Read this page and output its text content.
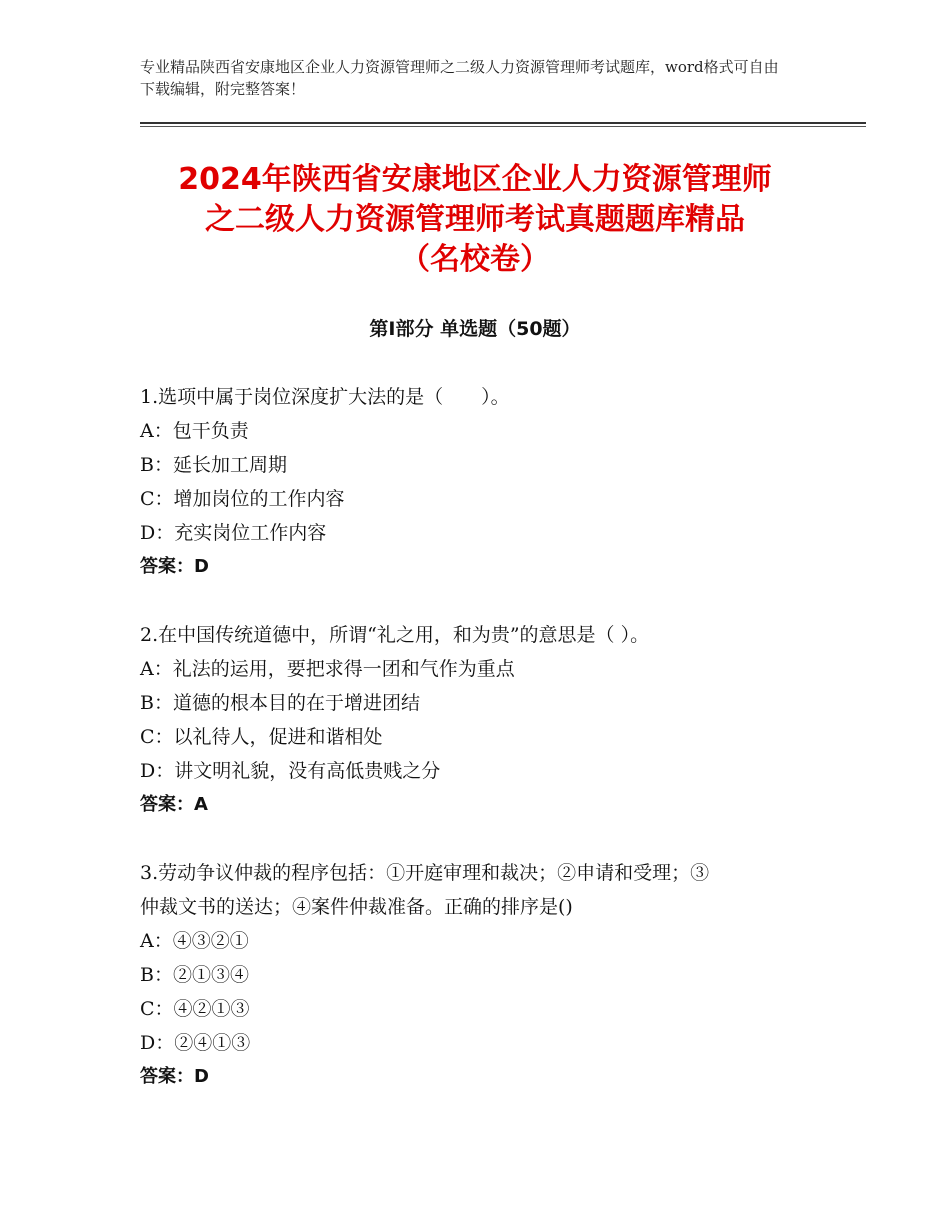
专业精品陕西省安康地区企业人力资源管理师之二级人力资源管理师考试题库，word格式可自由下载编辑，附完整答案！
2024年陕西省安康地区企业人力资源管理师
之二级人力资源管理师考试真题题库精品
（名校卷）
第Ⅰ部分 单选题（50题）

1.选项中属于岗位深度扩大法的是（　　）。

A：包干负责

B：延长加工周期

C：增加岗位的工作内容

D：充实岗位工作内容

答案：D

2.在中国传统道德中，所谓“礼之用，和为贵”的意思是（ ）。

A：礼法的运用，要把求得一团和气作为重点

B：道德的根本目的在于增进团结

C：以礼待人，促进和谐相处

D：讲文明礼貌，没有高低贵贱之分

答案：A

3.劳动争议仲裁的程序包括：①开庭审理和裁决；②申请和受理；③

仲裁文书的送达；④案件仲裁准备。正确的排序是()

A：④③②①

B：②①③④

C：④②①③

D：②④①③

答案：D
